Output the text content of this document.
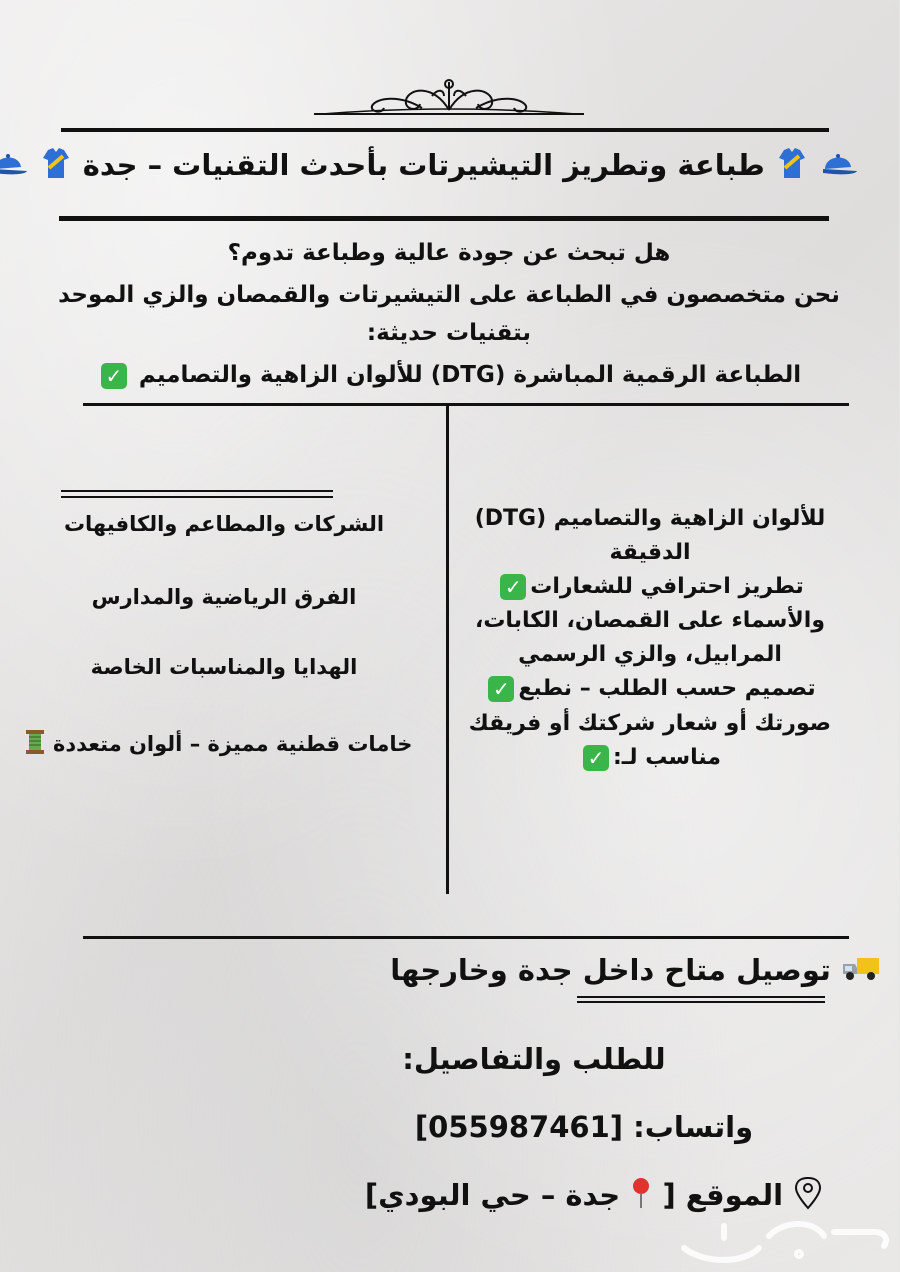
طباعة وتطريز التيشيرتات بأحدث التقنيات – جدة
هل تبحث عن جودة عالية وطباعة تدوم؟
نحن متخصصون في الطباعة على التيشيرتات والقمصان والزي الموحد
بتقنيات حديثة:
الطباعة الرقمية المباشرة (DTG) للألوان الزاهية والتصاميم ✓
للألوان الزاهية والتصاميم (DTG)
الدقيقة
تطريز احترافي للشعارات✓
والأسماء على القمصان، الكابات،
المرابيل، والزي الرسمي
تصميم حسب الطلب – نطبع✓
صورتك أو شعار شركتك أو فريقك
مناسب لـ:✓
الشركات والمطاعم والكافيهات
الفرق الرياضية والمدارس
الهدايا والمناسبات الخاصة
خامات قطنية مميزة – ألوان متعددة
توصيل متاح داخل جدة وخارجها
للطلب والتفاصيل:
واتساب: [055987461]
الموقع [  جدة – حي البودي]
